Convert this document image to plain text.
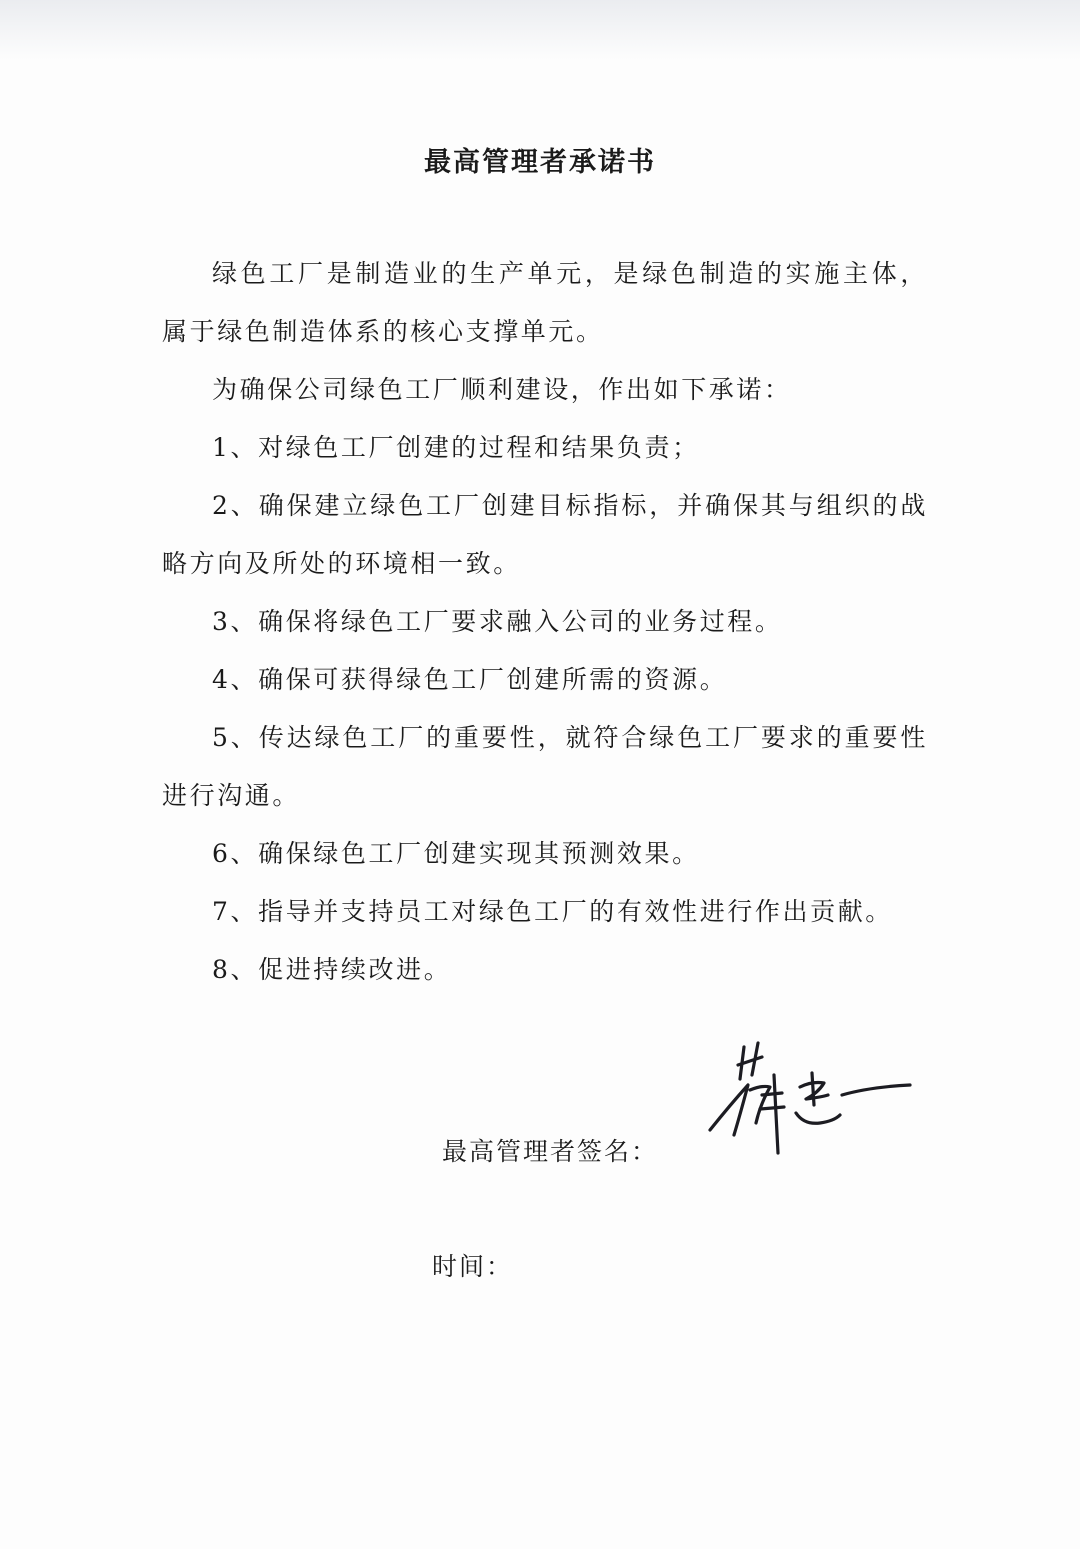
最高管理者承诺书

绿色工厂是制造业的生产单元，是绿色制造的实施主体，属于绿色制造体系的核心支撑单元。

为确保公司绿色工厂顺利建设，作出如下承诺：

1、对绿色工厂创建的过程和结果负责；

2、确保建立绿色工厂创建目标指标，并确保其与组织的战略方向及所处的环境相一致。

3、确保将绿色工厂要求融入公司的业务过程。

4、确保可获得绿色工厂创建所需的资源。

5、传达绿色工厂的重要性，就符合绿色工厂要求的重要性进行沟通。

6、确保绿色工厂创建实现其预测效果。

7、指导并支持员工对绿色工厂的有效性进行作出贡献。

8、促进持续改进。

最高管理者签名：
时间：
